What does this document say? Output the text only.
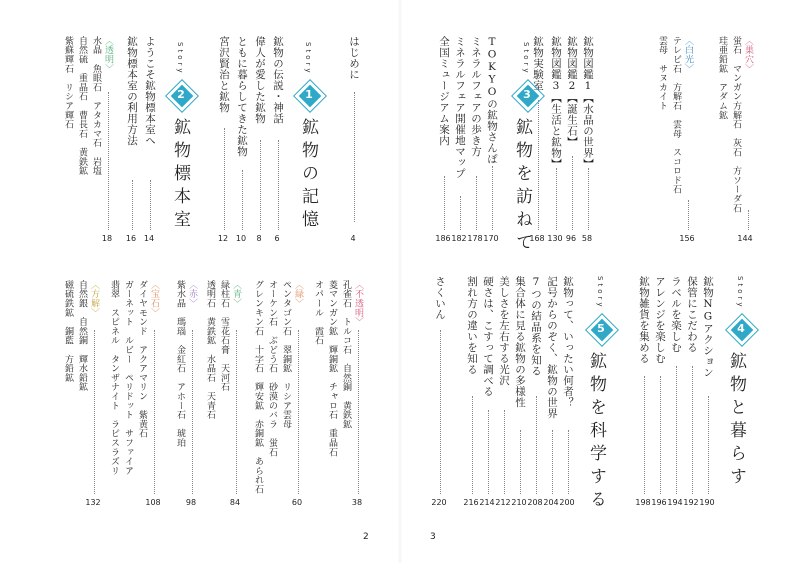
はじめに
4
Story
1
鉱物の記憶
鉱物の伝説・神話
6
偉人が愛した鉱物
8
ともに暮らしてきた鉱物
10
宮沢賢治と鉱物
12
Story
2
鉱物標本室
ようこそ鉱物標本室へ
14
鉱物標本室の利用方法
16
〈透明〉
水晶　魚眼石　アタカマ石　岩塩
自然硫　重晶石　曹長石　黄鉄鉱
紫蘇輝石　リシア輝石
18
〈不透明〉
孔雀石　トルコ石　自然銅　黄鉄鉱
菱マンガン鉱　輝銅鉱　チャロ石　重晶石
オパール　霞石
38
〈緑〉
ペンタゴン石　翠銅鉱　リシア雲母
オーケン石　ぶどう石　砂漠のバラ　蛍石
グレンキン石　十字石　輝安鉱　赤銅鉱　あられ石
60
〈青〉
緑柱石　雪花石膏　天河石
透明石　黄鉄鉱　水晶石　天青石
84
〈赤〉
紫水晶　瑪瑙　金紅石　アホー石　琥珀
98
〈宝石〉
ダイヤモンド　アクアマリン　紫黄石
ガーネット　ルビー　ペリドット　サファイア
翡翠　スピネル　タンザナイト　ラピスラズリ
108
〈方解〉
自然銀　自然銅　輝水鉛鉱
磁硫鉄鉱　銅藍　方鉛鉱
132
2
鉱物図鑑1【水晶の世界】
58
鉱物図鑑2【誕生石】
96
鉱物図鑑3【生活と鉱物】
130
鉱物実験室
168
Story
3
鉱物を訪ねて
TOKYOの鉱物さんぽ
170
ミネラルフェアの歩き方
178
ミネラルフェア開催地マップ
182
全国ミュージアム案内
186
〈巣穴〉
蛍石　マンガン方解石　灰石　方ソーダ石
珪亜鉛鉱　アダム鉱
144
〈白光〉
テレビ石　方解石　雲母　スコロド石
雲母　サヌカイト
156
Story
4
鉱物と暮らす
鉱物NGアクション
190
保管にこだわる
192
ラベルを楽しむ
194
アレンジを楽しむ
196
鉱物雑貨を集める
198
Story
5
鉱物を科学する
鉱物って、いったい何者？
200
記号からのぞく、鉱物の世界
204
7つの結晶系を知る
208
集合体に見る鉱物の多様性
210
美しさを左右する光沢
212
硬さは、こすって調べる
214
割れ方の違いを知る
216
さくいん
220
3
